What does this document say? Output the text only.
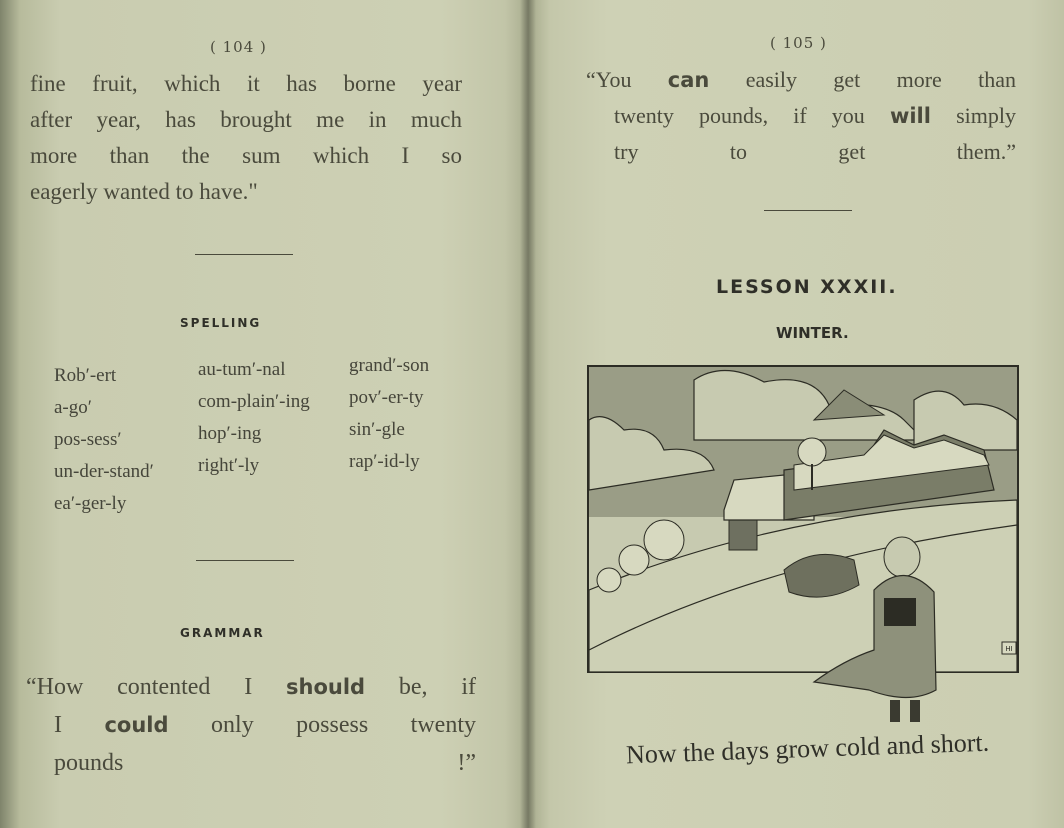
( 104 )
fine fruit, which it has borne year
after year, has brought me in much
more than the sum which I so
eagerly wanted to have."
SPELLING
Rob′-ert
a-go′
pos-sess′
un-der-stand′
ea′-ger-ly
au-tum′-nal
com-plain′-ing
hop′-ing
right′-ly
grand′-son
pov′-er-ty
sin′-gle
rap′-id-ly
GRAMMAR
“How contented I should be, if
I could only possess twenty
pounds !”
( 105 )
“You can easily get more than
twenty pounds, if you will simply
try to get them.”
LESSON XXXII.
WINTER.
HI
Now the days grow cold and short.
